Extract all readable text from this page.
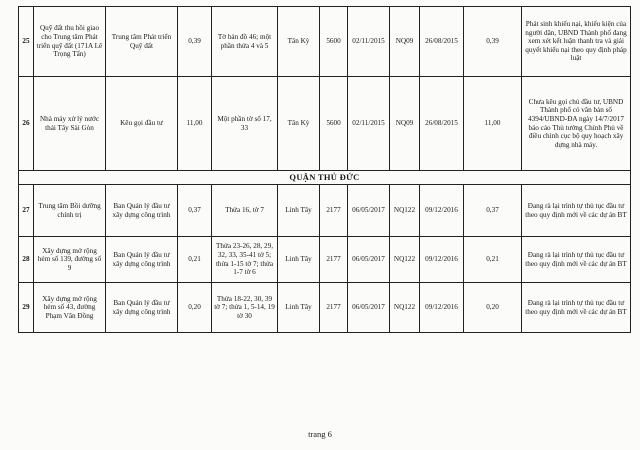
25	Quỹ đất thu hồi giao cho Trung tâm Phát triển quỹ đất (171A Lê Trọng Tấn)	Trung tâm Phát triển Quỹ đất	0,39	Tờ bản đồ 46; một phần thửa 4 và 5	Tân Kỳ	5600	02/11/2015	NQ09	26/08/2015	0,39	Phát sinh khiếu nại, khiếu kiện của người dân, UBND Thành phố đang xem xét kết luận thanh tra và giải quyết khiếu nại theo quy định pháp luật
26	Nhà máy xử lý nước thải Tây Sài Gòn	Kêu gọi đầu tư	11,00	Một phần tờ số 17, 33	Tân Kỳ	5600	02/11/2015	NQ09	26/08/2015	11,00	Chưa kêu gọi chủ đầu tư, UBND Thành phố có văn bản số 4394/UBND-ĐA ngày 14/7/2017 báo cáo Thủ tướng Chính Phủ về điều chỉnh cục bộ quy hoạch xây dựng nhà máy.
QUẬN THỦ ĐỨC											
27	Trung tâm Bồi dưỡng chính trị	Ban Quản lý đầu tư xây dựng công trình	0,37	Thửa 16, tờ 7	Linh Tây	2177	06/05/2017	NQ122	09/12/2016	0,37	Đang rà lại trình tự thủ tục đầu tư theo quy định mới về các dự án BT
28	Xây dựng mở rộng hẻm số 139, đường số 9	Ban Quản lý đầu tư xây dựng công trình	0,21	Thửa 23-26, 28, 29, 32, 33, 35-41 tờ 5; thửa 1-15 tờ 7; thửa 1-7 tờ 6	Linh Tây	2177	06/05/2017	NQ122	09/12/2016	0,21	Đang rà lại trình tự thủ tục đầu tư theo quy định mới về các dự án BT
29	Xây dựng mở rộng hẻm số 43, đường Phạm Văn Đồng	Ban Quản lý đầu tư xây dựng công trình	0,20	Thửa 18-22, 30, 39 tờ 7; thửa 1, 5-14, 19 tờ 30	Linh Tây	2177	06/05/2017	NQ122	09/12/2016	0,20	Đang rà lại trình tự thủ tục đầu tư theo quy định mới về các dự án BT
trang 6
